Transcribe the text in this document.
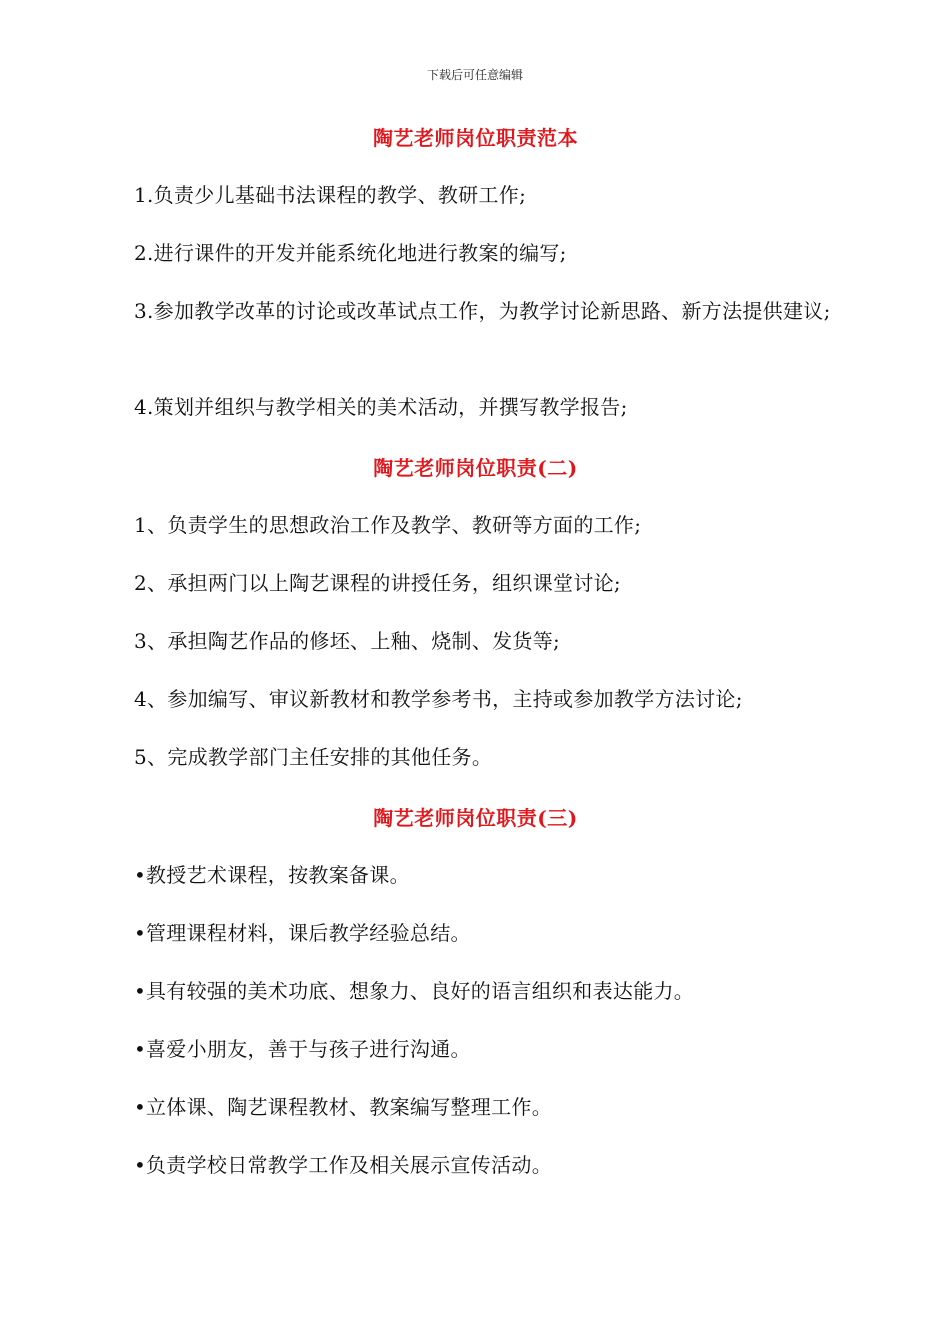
下载后可任意编辑
陶艺老师岗位职责范本
1.负责少儿基础书法课程的教学、教研工作;
2.进行课件的开发并能系统化地进行教案的编写;
3.参加教学改革的讨论或改革试点工作，为教学讨论新思路、新方法提供建议;
4.策划并组织与教学相关的美术活动，并撰写教学报告;
陶艺老师岗位职责(二)
1、负责学生的思想政治工作及教学、教研等方面的工作;
2、承担两门以上陶艺课程的讲授任务，组织课堂讨论;
3、承担陶艺作品的修坯、上釉、烧制、发货等;
4、参加编写、审议新教材和教学参考书，主持或参加教学方法讨论;
5、完成教学部门主任安排的其他任务。
陶艺老师岗位职责(三)
•教授艺术课程，按教案备课。
•管理课程材料，课后教学经验总结。
•具有较强的美术功底、想象力、良好的语言组织和表达能力。
•喜爱小朋友，善于与孩子进行沟通。
•立体课、陶艺课程教材、教案编写整理工作。
•负责学校日常教学工作及相关展示宣传活动。
